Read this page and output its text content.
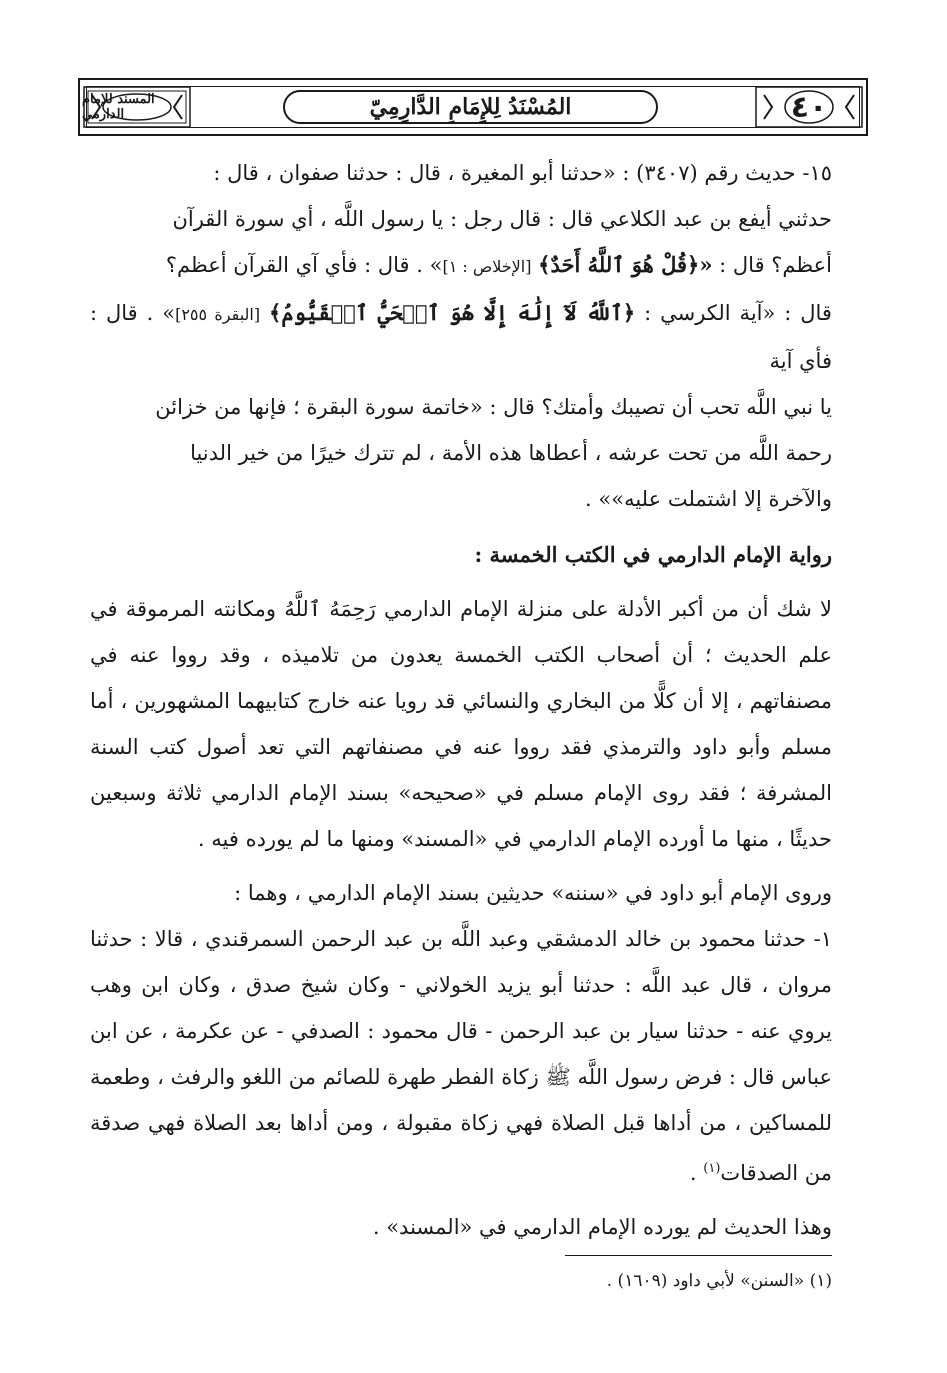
المسند للإمام الدارمي	المُسْنَدُ لِلإِمَامِ الدَّارِمِيّ	٤٠

١٥- حديث رقم (٣٤٠٧) : «حدثنا أبو المغيرة ، قال : حدثنا صفوان ، قال :

حدثني أيفع بن عبد الكلاعي قال : قال رجل : يا رسول اللَّه ، أي سورة القرآن

أعظم؟ قال : «﴿قُلْ هُوَ ٱللَّهُ أَحَدٌ﴾ [الإخلاص : ١]» . قال : فأي آي القرآن أعظم؟

قال : «آية الكرسي : ﴿ٱللَّهُ لَآ إِلَٰهَ إِلَّا هُوَ ٱلۡحَيُّ ٱلۡقَيُّومُ﴾ [البقرة ٢٥٥]» . قال : فأي آية

يا نبي اللَّه تحب أن تصيبك وأمتك؟ قال : «خاتمة سورة البقرة ؛ فإنها من خزائن

رحمة اللَّه من تحت عرشه ، أعطاها هذه الأمة ، لم تترك خيرًا من خير الدنيا

والآخرة إلا اشتملت عليه»» .

رواية الإمام الدارمي في الكتب الخمسة :

لا شك أن من أكبر الأدلة على منزلة الإمام الدارمي رَحِمَهُ ٱللَّهُ ومكانته المرموقة في علم الحديث ؛ أن أصحاب الكتب الخمسة يعدون من تلاميذه ، وقد رووا عنه في مصنفاتهم ، إلا أن كلًّا من البخاري والنسائي قد رويا عنه خارج كتابيهما المشهورين ، أما مسلم وأبو داود والترمذي فقد رووا عنه في مصنفاتهم التي تعد أصول كتب السنة المشرفة ؛ فقد روى الإمام مسلم في «صحيحه» بسند الإمام الدارمي ثلاثة وسبعين حديثًا ، منها ما أورده الإمام الدارمي في «المسند» ومنها ما لم يورده فيه .

وروى الإمام أبو داود في «سننه» حديثين بسند الإمام الدارمي ، وهما :

١- حدثنا محمود بن خالد الدمشقي وعبد اللَّه بن عبد الرحمن السمرقندي ، قالا : حدثنا مروان ، قال عبد اللَّه : حدثنا أبو يزيد الخولاني - وكان شيخ صدق ، وكان ابن وهب يروي عنه - حدثنا سيار بن عبد الرحمن - قال محمود : الصدفي - عن عكرمة ، عن ابن عباس قال : فرض رسول اللَّه ﷺ زكاة الفطر طهرة للصائم من اللغو والرفث ، وطعمة للمساكين ، من أداها قبل الصلاة فهي زكاة مقبولة ، ومن أداها بعد الصلاة فهي صدقة من الصدقات$^{(١)}$ .

وهذا الحديث لم يورده الإمام الدارمي في «المسند» .

(١) «السنن» لأبي داود (١٦٠٩) .
